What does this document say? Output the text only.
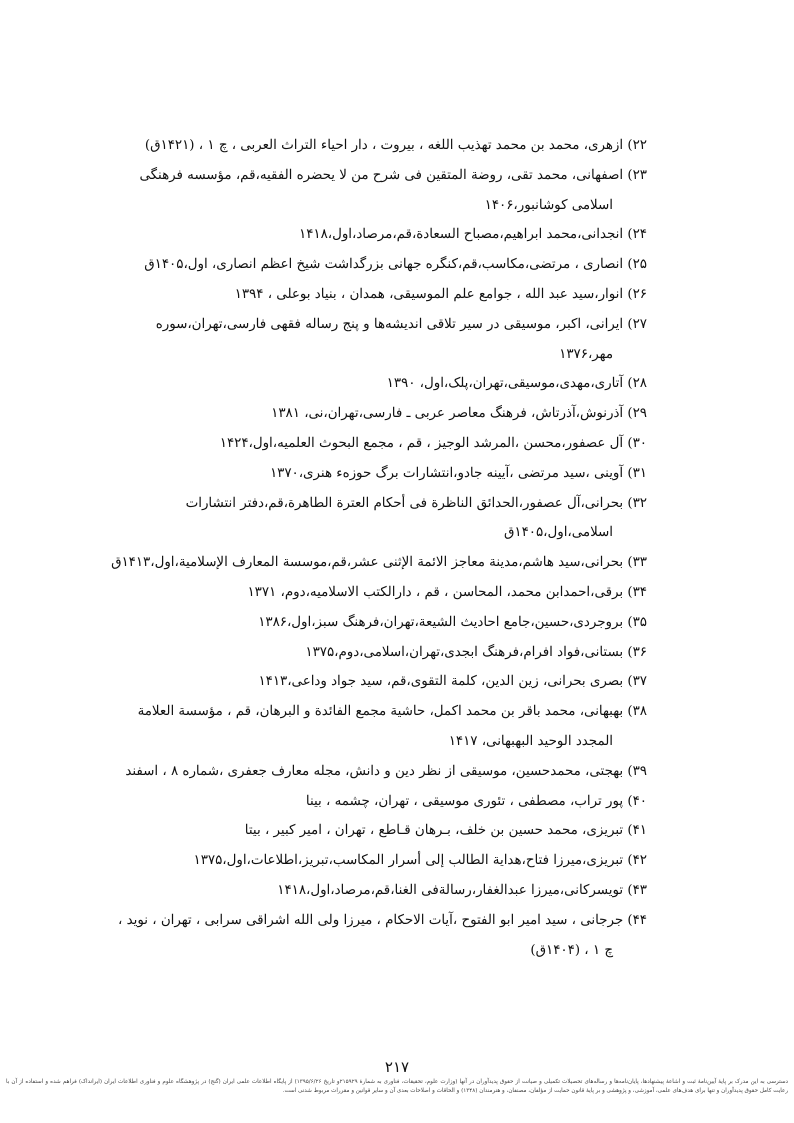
۲۲) ازهری، محمد بن محمد تهذیب اللغه ، بیروت ، دار احیاء التراث العربی ، چ ۱ ، (۱۴۲۱ق)
۲۳) اصفهانی، محمد تقی، روضة المتقین فی شرح من لا یحضره الفقیه،قم، مؤسسه فرهنگی
اسلامی کوشانبور،۱۴۰۶
۲۴) انجدانی،محمد ابراهیم،مصباح السعادة،قم،مرصاد،اول،۱۴۱۸
۲۵) انصاری ، مرتضی،مکاسب،قم،کنگره جهانی بزرگداشت شیخ اعظم انصاری، اول،۱۴۰۵ق
۲۶) انوار،سید عبد الله ، جوامع علم الموسیقی، همدان ، بنیاد بوعلی ، ۱۳۹۴
۲۷) ایرانی، اکبر، موسیقی در سیر تلاقی اندیشه‌ها و پنج رساله فقهی فارسی،تهران،سوره
مهر،۱۳۷۶
۲۸) آتاری،مهدی،موسیقی،تهران،پلک،اول، ۱۳۹۰
۲۹) آذرنوش،آذرتاش، فرهنگ معاصر عربی ـ فارسی،تهران،نی، ۱۳۸۱
۳۰) آل عصفور،محسن ،المرشد الوجیز ، قم ، مجمع البحوث العلمیه،اول،۱۴۲۴
۳۱) آوینی ،سید مرتضی ،آیینه جادو،انتشارات برگ حوزه‌ء هنری،۱۳۷۰
۳۲) بحرانی،آل عصفور،الحدائق الناظرة فی أحکام العترة الطاهرة،قم،دفتر انتشارات
اسلامی،اول،۱۴۰۵ق
۳۳) بحرانی،سید هاشم،مدینة معاجز الائمة الإثنی عشر،قم،موسسة المعارف الإسلامیة،اول،۱۴۱۳ق
۳۴) برقی،احمدابن محمد، المحاسن ، قم ، دارالکتب الاسلامیه،دوم، ۱۳۷۱
۳۵) بروجردی،حسین،جامع احادیث الشیعة،تهران،فرهنگ سبز،اول،۱۳۸۶
۳۶) بستانی،فواد افرام،فرهنگ ابجدی،تهران،اسلامی،دوم،۱۳۷۵
۳۷) بصری بحرانی، زین الدین، کلمة التقوی،قم، سید جواد وداعی،۱۴۱۳
۳۸) بهبهانی، محمد باقر بن محمد اکمل، حاشیة مجمع الفائدة و البرهان، قم ، مؤسسة العلامة
المجدد الوحید البهبهانی، ۱۴۱۷
۳۹) بهجتی، محمدحسین، موسیقی از نظر دین و دانش، مجله معارف جعفری ،شماره ۸ ، اسفند
۴۰) پور تراب، مصطفی ، تئوری موسیقی ، تهران، چشمه ، بینا
۴۱) تبریزی، محمد حسین بن خلف، بـرهان قـاطع ، تهران ، امیر کبیر ، بیتا
۴۲) تبریزی،میرزا فتاح،هدایة الطالب إلی أسرار المکاسب،تبریز،اطلاعات،اول،۱۳۷۵
۴۳) تویسرکانی،میرزا عبدالغفار،رسالةفی الغنا،قم،مرصاد،اول،۱۴۱۸
۴۴) جرجانی ، سید امیر ابو الفتوح ،آیات الاحکام ، میرزا ولی الله اشراقی سرابی ، تهران ، نوید ،
چ ۱ ، (۱۴۰۴ق)
۲۱۷
دسترسی به این مدرک بر پایهٔ آیین‌نامهٔ ثبت و اشاعهٔ پیشنهادها، پایان‌نامه‌ها و رساله‌های تحصیلات تکمیلی و صیانت از حقوق پدیدآوران در آنها (وزارت علوم، تحقیقات، فناوری به شمارهٔ ۲۱۵۹۲۹و تاریخ ۱۳۹۵/۶/۲۶) از پایگاه اطلاعات علمی ایران (گنج) در پژوهشگاه علوم و فناوری اطلاعات ایران (ایرانداک) فراهم شده و استفاده از آن با رعایت کامل حقوق پدیدآوران و تنها برای هدف‌های علمی، آموزشی، و پژوهشی و بر پایهٔ قانون حمایت از مؤلفان، مصنفان، و هنرمندان (۱۳۴۸) و الحاقات و اصلاحات بعدی آن و سایر قوانین و مقررات مربوط شدنی است.
